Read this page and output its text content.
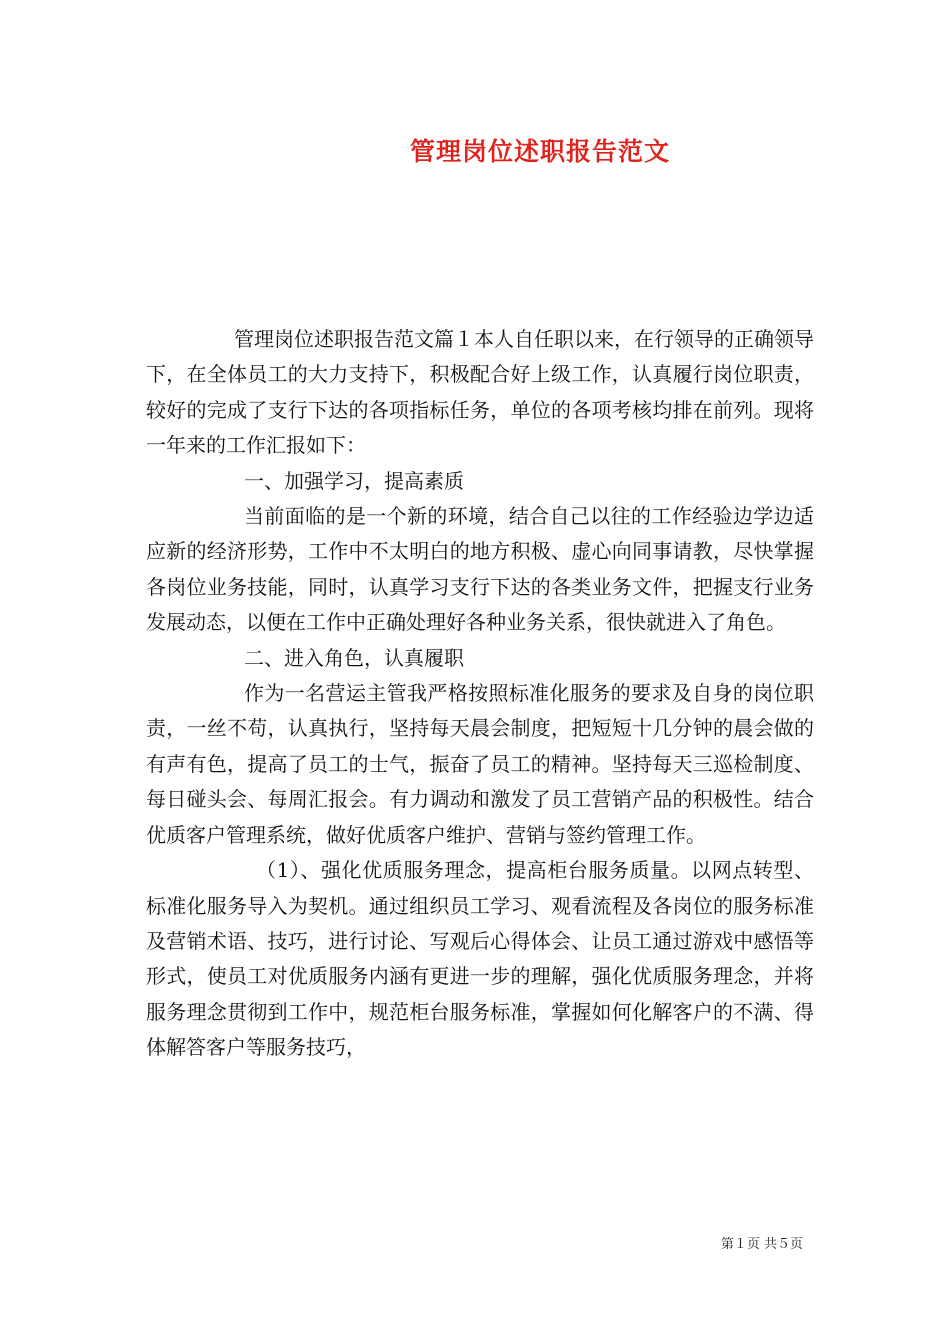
管理岗位述职报告范文

管理岗位述职报告范文篇１本人自任职以来，在行领导的正确领导下，在全体员工的大力支持下，积极配合好上级工作，认真履行岗位职责，较好的完成了支行下达的各项指标任务，单位的各项考核均排在前列。现将一年来的工作汇报如下：

一、加强学习，提高素质

当前面临的是一个新的环境，结合自己以往的工作经验边学边适应新的经济形势，工作中不太明白的地方积极、虚心向同事请教，尽快掌握各岗位业务技能，同时，认真学习支行下达的各类业务文件，把握支行业务发展动态，以便在工作中正确处理好各种业务关系，很快就进入了角色。

二、进入角色，认真履职

作为一名营运主管我严格按照标准化服务的要求及自身的岗位职责，一丝不苟，认真执行，坚持每天晨会制度，把短短十几分钟的晨会做的有声有色，提高了员工的士气，振奋了员工的精神。坚持每天三巡检制度、每日碰头会、每周汇报会。有力调动和激发了员工营销产品的积极性。结合优质客户管理系统，做好优质客户维护、营销与签约管理工作。

（1）、强化优质服务理念，提高柜台服务质量。以网点转型、标准化服务导入为契机。通过组织员工学习、观看流程及各岗位的服务标准及营销术语、技巧，进行讨论、写观后心得体会、让员工通过游戏中感悟等形式，使员工对优质服务内涵有更进一步的理解，强化优质服务理念，并将服务理念贯彻到工作中，规范柜台服务标准，掌握如何化解客户的不满、得体解答客户等服务技巧，

第１页 共５页
